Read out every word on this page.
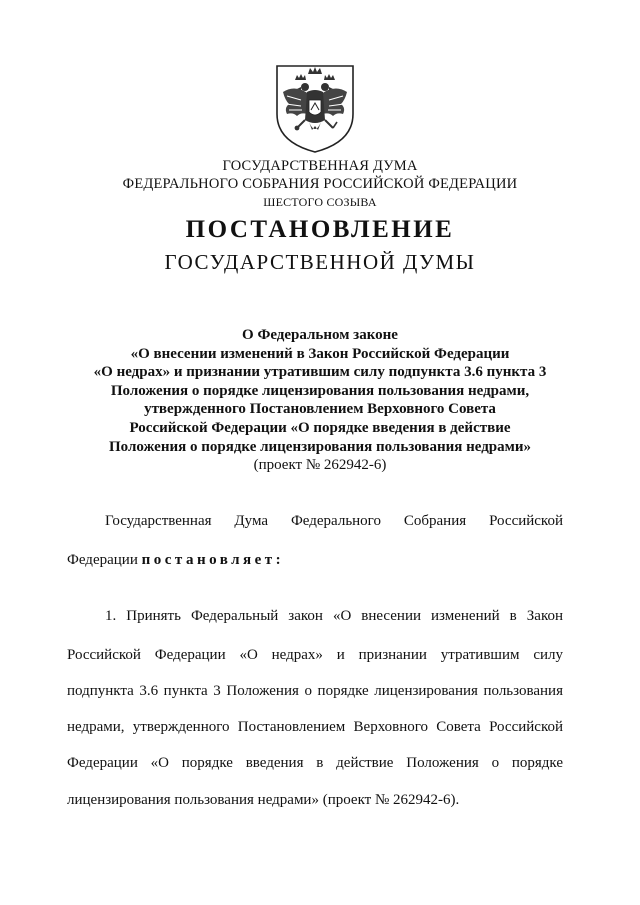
ГОСУДАРСТВЕННАЯ ДУМА
ФЕДЕРАЛЬНОГО СОБРАНИЯ РОССИЙСКОЙ ФЕДЕРАЦИИ
ШЕСТОГО СОЗЫВА
ПОСТАНОВЛЕНИЕ
ГОСУДАРСТВЕННОЙ ДУМЫ
О Федеральном законе
«О внесении изменений в Закон Российской Федерации
«О недрах» и признании утратившим силу подпункта 3.6 пункта 3
Положения о порядке лицензирования пользования недрами,
утвержденного Постановлением Верховного Совета
Российской Федерации «О порядке введения в действие
Положения о порядке лицензирования пользования недрами»
(проект № 262942-6)
Государственная Дума Федерального Собрания Российской
Федерации постановляет:
1. Принять Федеральный закон «О внесении изменений в Закон
Российской Федерации «О недрах» и признании утратившим силу
подпункта 3.6 пункта 3 Положения о порядке лицензирования пользования
недрами, утвержденного Постановлением Верховного Совета Российской
Федерации «О порядке введения в действие Положения о порядке
лицензирования пользования недрами» (проект № 262942-6).
